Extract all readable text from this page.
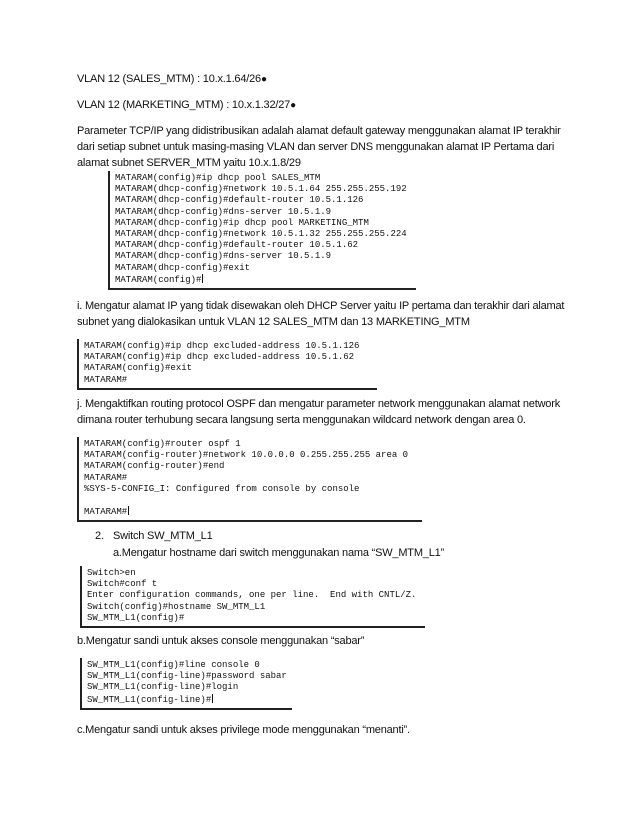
VLAN 12 (SALES_MTM) : 10.x.1.64/26●
VLAN 12 (MARKETING_MTM) : 10.x.1.32/27●
Parameter TCP/IP yang didistribusikan adalah alamat default gateway menggunakan alamat IP terakhir
dari setiap subnet untuk masing-masing VLAN dan server DNS menggunakan alamat IP Pertama dari
alamat subnet SERVER_MTM yaitu 10.x.1.8/29
MATARAM(config)#ip dhcp pool SALES_MTM
MATARAM(dhcp-config)#network 10.5.1.64 255.255.255.192
MATARAM(dhcp-config)#default-router 10.5.1.126
MATARAM(dhcp-config)#dns-server 10.5.1.9
MATARAM(dhcp-config)#ip dhcp pool MARKETING_MTM
MATARAM(dhcp-config)#network 10.5.1.32 255.255.255.224
MATARAM(dhcp-config)#default-router 10.5.1.62
MATARAM(dhcp-config)#dns-server 10.5.1.9
MATARAM(dhcp-config)#exit
MATARAM(config)#
i. Mengatur alamat IP yang tidak disewakan oleh DHCP Server yaitu IP pertama dan terakhir dari alamat
subnet yang dialokasikan untuk VLAN 12 SALES_MTM dan 13 MARKETING_MTM
MATARAM(config)#ip dhcp excluded-address 10.5.1.126
MATARAM(config)#ip dhcp excluded-address 10.5.1.62
MATARAM(config)#exit
MATARAM#
j. Mengaktifkan routing protocol OSPF dan mengatur parameter network menggunakan alamat network
dimana router terhubung secara langsung serta menggunakan wildcard network dengan area 0.
MATARAM(config)#router ospf 1
MATARAM(config-router)#network 10.0.0.0 0.255.255.255 area 0
MATARAM(config-router)#end
MATARAM#
%SYS-5-CONFIG_I: Configured from console by console

MATARAM#
2. Switch SW_MTM_L1
a.Mengatur hostname dari switch menggunakan nama “SW_MTM_L1”
Switch>en
Switch#conf t
Enter configuration commands, one per line.  End with CNTL/Z.
Switch(config)#hostname SW_MTM_L1
SW_MTM_L1(config)#
b.Mengatur sandi untuk akses console menggunakan “sabar”
SW_MTM_L1(config)#line console 0
SW_MTM_L1(config-line)#password sabar
SW_MTM_L1(config-line)#login
SW_MTM_L1(config-line)#
c.Mengatur sandi untuk akses privilege mode menggunakan “menanti”.
